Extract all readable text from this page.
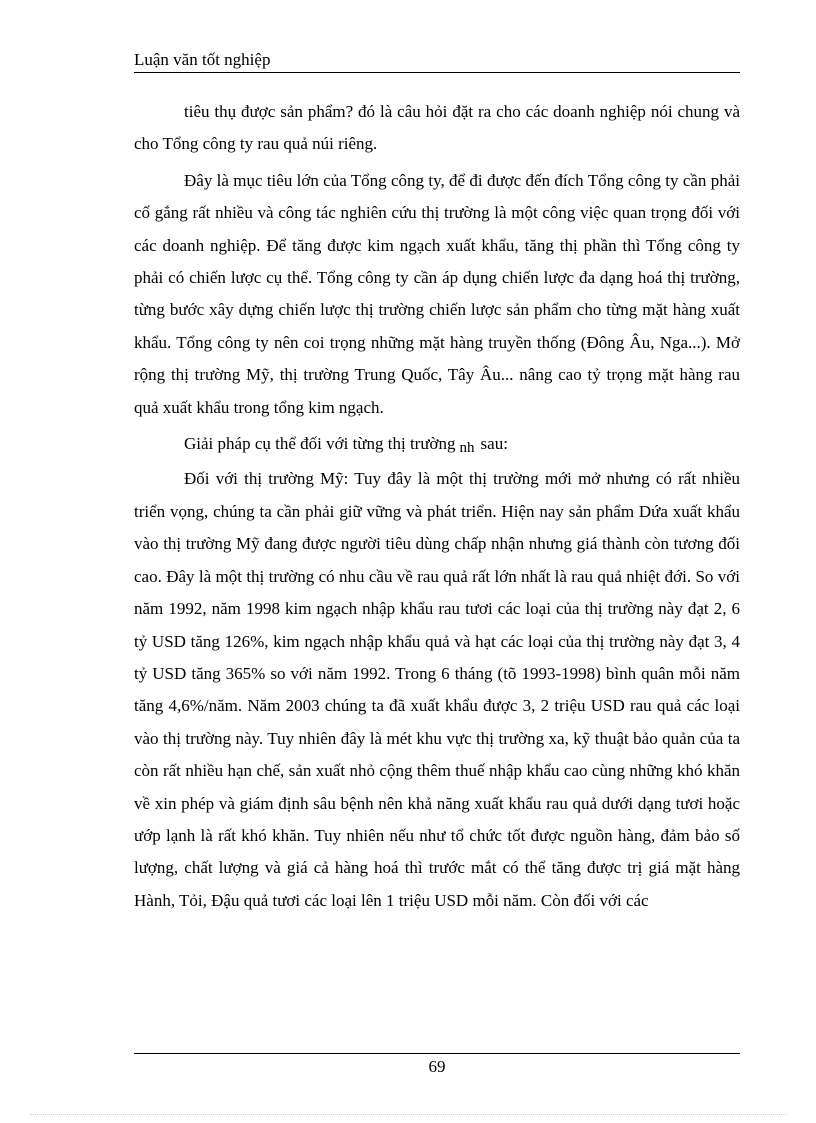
Luận văn tốt nghiệp

tiêu thụ được sản phẩm? đó là câu hỏi đặt ra cho các doanh nghiệp nói chung và cho Tổng công ty rau quả núi riêng.

Đây là mục tiêu lớn của Tổng công ty, để đi được đến đích Tổng công ty cần phải cố gắng rất nhiều và công tác nghiên cứu thị trường là một công việc quan trọng đối với các doanh nghiệp. Để tăng được kim ngạch xuất khẩu, tăng thị phần thì Tổng công ty phải có chiến lược cụ thể. Tổng công ty cần áp dụng chiến lược đa dạng hoá thị trường, từng bước xây dựng chiến lược thị trường chiến lược sản phẩm cho từng mặt hàng xuất khẩu. Tổng công ty nên coi trọng những mặt hàng truyền thống (Đông Âu, Nga...). Mở rộng thị trường Mỹ, thị trường Trung Quốc, Tây Âu... nâng cao tỷ trọng mặt hàng rau quả xuất khẩu trong tổng kim ngạch.

Giải pháp cụ thể đối với từng thị trường nh sau:

Đối với thị trường Mỹ: Tuy đây là một thị trường mới mở nhưng có rất nhiều triển vọng, chúng ta cần phải giữ vững và phát triển. Hiện nay sản phẩm Dứa xuất khẩu vào thị trường Mỹ đang được người tiêu dùng chấp nhận nhưng giá thành còn tương đối cao. Đây là một thị trường có nhu cầu về rau quả rất lớn nhất là rau quả nhiệt đới. So với năm 1992, năm 1998 kim ngạch nhập khẩu rau tươi các loại của thị trường này đạt 2, 6 tỷ USD tăng 126%, kim ngạch nhập khẩu quả và hạt các loại của thị trường này đạt 3, 4 tỷ USD tăng 365% so với năm 1992. Trong 6 tháng (tõ 1993-1998) bình quân mỗi năm tăng 4,6%/năm. Năm 2003 chúng ta đã xuất khẩu được 3, 2 triệu USD rau quả các loại vào thị trường này. Tuy nhiên đây là mét khu vực thị trường xa, kỹ thuật bảo quản của ta còn rất nhiều hạn chế, sản xuất nhỏ cộng thêm thuế nhập khẩu cao cùng những khó khăn về xin phép và giám định sâu bệnh nên khả năng xuất khẩu rau quả dưới dạng tươi hoặc ướp lạnh là rất khó khăn. Tuy nhiên nếu như tổ chức tốt được nguồn hàng, đảm bảo số lượng, chất lượng và giá cả hàng hoá thì trước mắt có thể tăng được trị giá mặt hàng Hành, Tỏi, Đậu quả tươi các loại lên 1 triệu USD mỗi năm. Còn đối với các

69
